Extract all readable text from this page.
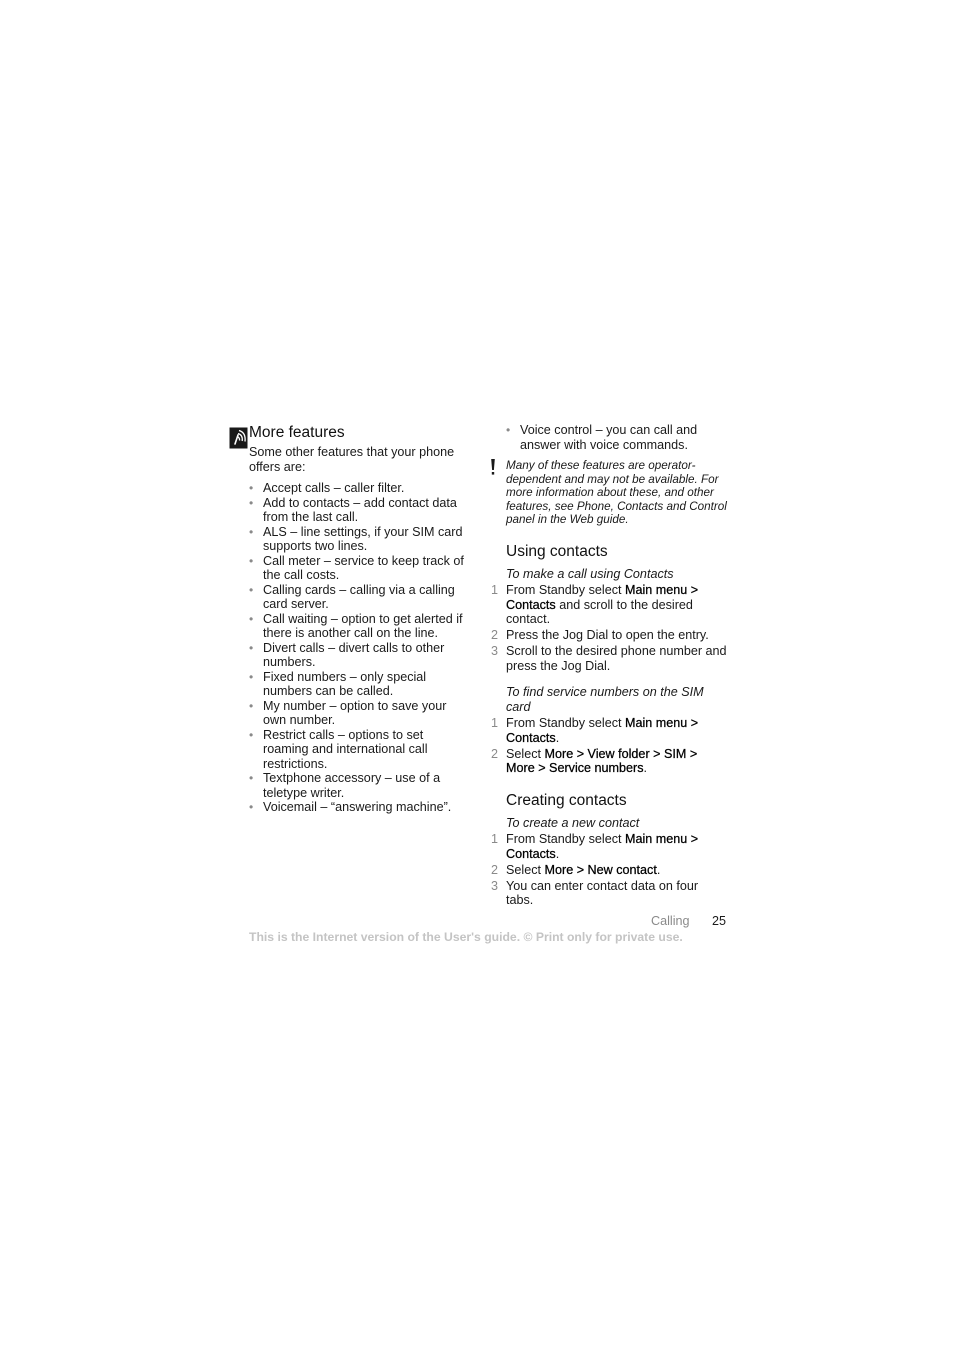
More features

Some other features that your phone offers are:

• Accept calls – caller filter.
• Add to contacts – add contact data from the last call.
• ALS – line settings, if your SIM card supports two lines.
• Call meter – service to keep track of the call costs.
• Calling cards – calling via a calling card server.
• Call waiting – option to get alerted if there is another call on the line.
• Divert calls – divert calls to other numbers.
• Fixed numbers – only special numbers can be called.
• My number – option to save your own number.
• Restrict calls – options to set roaming and international call restrictions.
• Textphone accessory – use of a teletype writer.
• Voicemail – “answering machine”.
• Voice control – you can call and answer with voice commands.

Many of these features are operator-dependent and may not be available. For more information about these, and other features, see Phone, Contacts and Control panel in the Web guide.

Using contacts

To make a call using Contacts

1 From Standby select Main menu > Contacts and scroll to the desired contact.
2 Press the Jog Dial to open the entry.
3 Scroll to the desired phone number and press the Jog Dial.

To find service numbers on the SIM card

1 From Standby select Main menu > Contacts.
2 Select More > View folder > SIM > More > Service numbers.
Creating contacts

To create a new contact

1 From Standby select Main menu > Contacts.
2 Select More > New contact.
3 You can enter contact data on four tabs.
Calling 25
This is the Internet version of the User's guide. © Print only for private use.
